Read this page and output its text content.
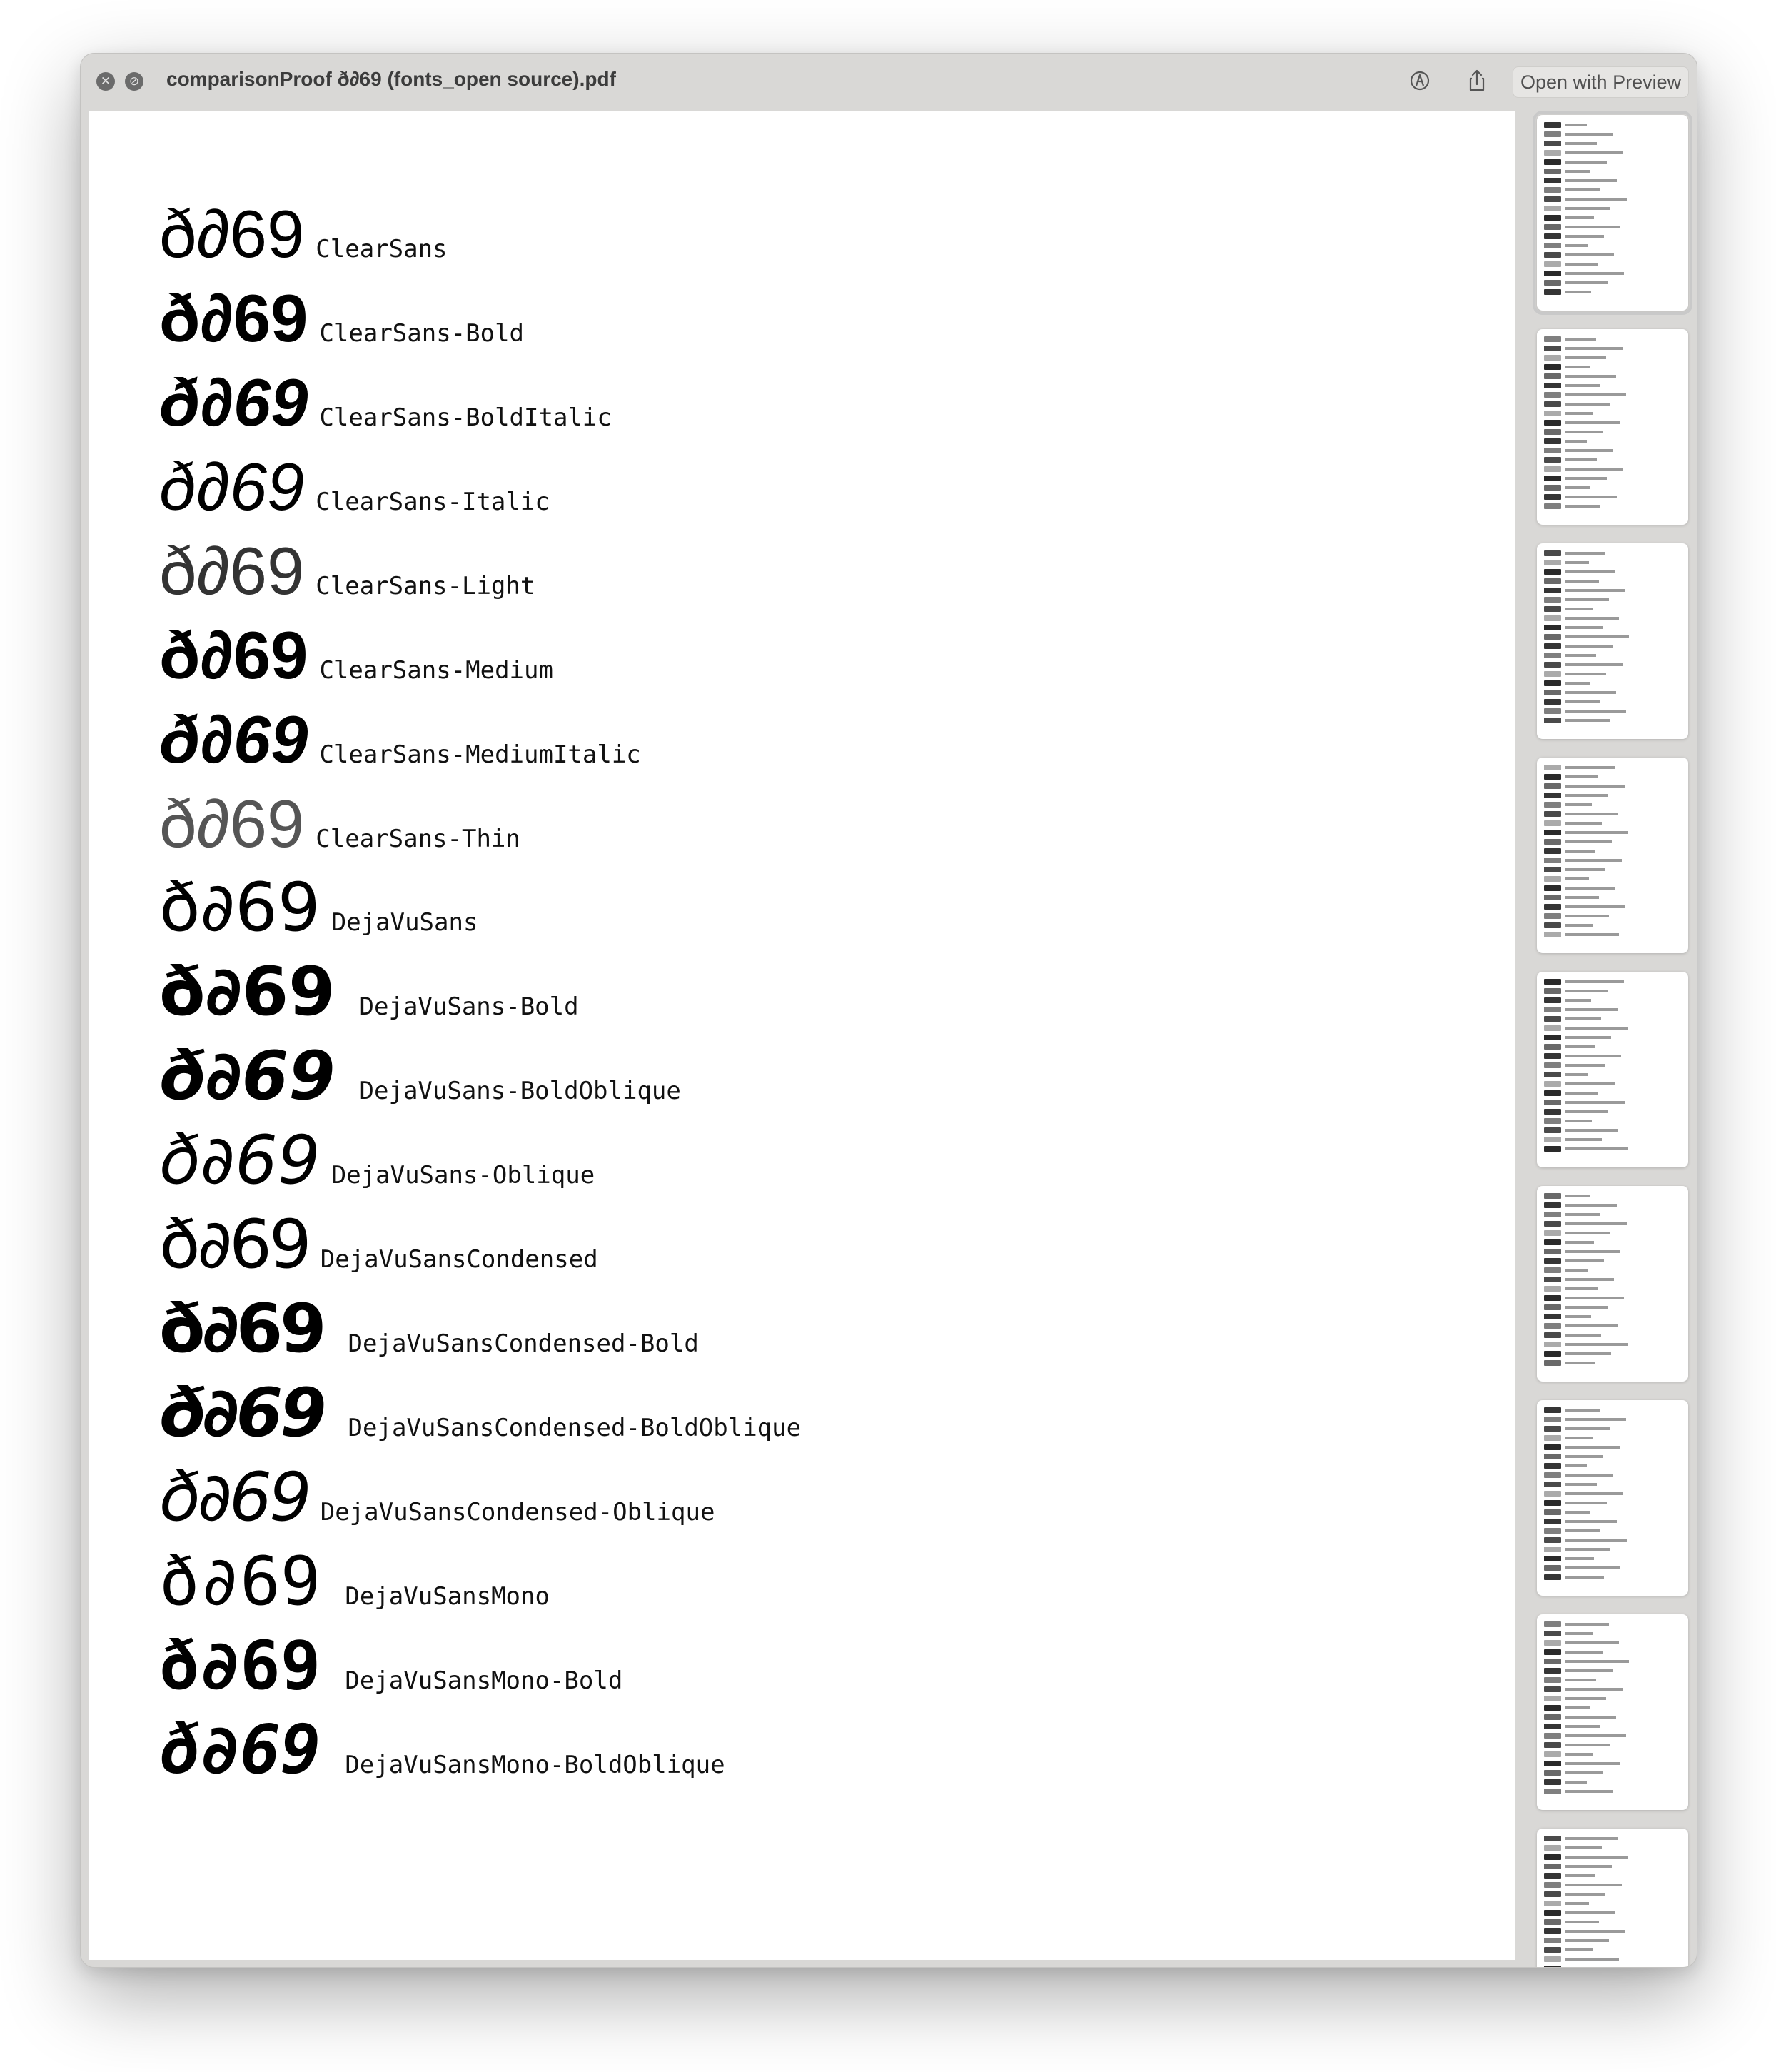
✕	⊘ comparisonProof ð∂69 (fonts_open source).pdf	Open with Preview
ð∂69 ClearSans
ð∂69 ClearSans-Bold
ð∂69 ClearSans-BoldItalic
ð∂69 ClearSans-Italic
ð∂69 ClearSans-Light
ð∂69 ClearSans-Medium
ð∂69 ClearSans-MediumItalic
ð∂69 ClearSans-Thin
ð∂69 DejaVuSans
ð∂69 DejaVuSans-Bold
ð∂69 DejaVuSans-BoldOblique
ð∂69 DejaVuSans-Oblique
ð∂69 DejaVuSansCondensed
ð∂69 DejaVuSansCondensed-Bold
ð∂69 DejaVuSansCondensed-BoldOblique
ð∂69 DejaVuSansCondensed-Oblique
ð∂69 DejaVuSansMono
ð∂69 DejaVuSansMono-Bold
ð∂69 DejaVuSansMono-BoldOblique
